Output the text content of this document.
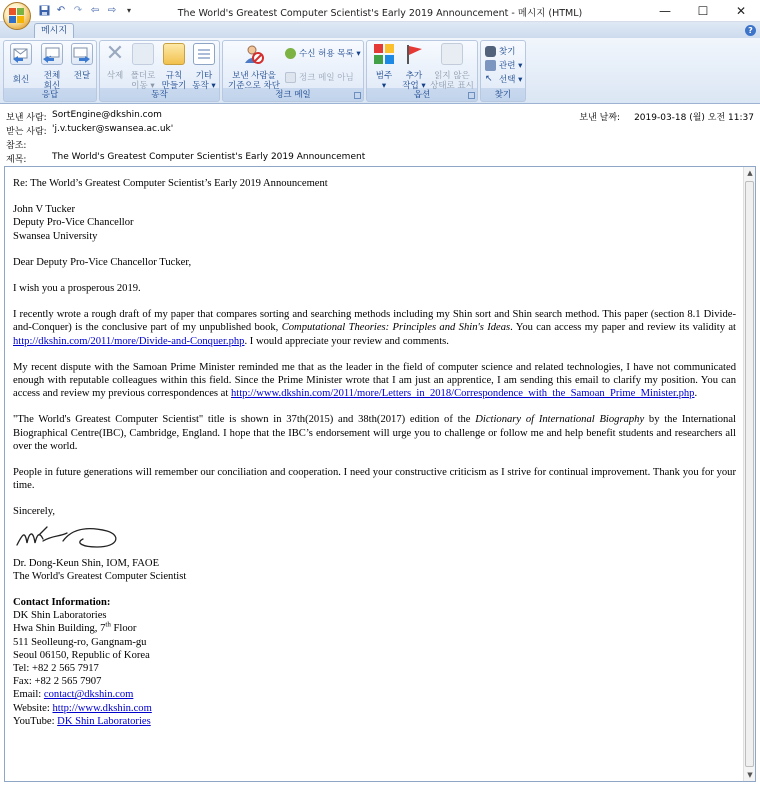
↶ ↷ ⇦ ⇨	▾	The World's Greatest Computer Scientist's Early 2019 Announcement - 메시지 (HTML)	—	☐	✕
메시지	?
회신	전체
회신
전달
응답
✕
삭제 폴더로
이동 ▾
규칙
만들기
기타
동작 ▾
동작
보낸 사람을
기준으로 차단
수신 허용 목록 ▾
정크 메일 아님
정크 메일
범주
▾
추가
작업 ▾
읽지 않은
상태로 표시
옵션
찾기
관련 ▾
↖ 선택 ▾
찾기
보낸 사람: SortEngine@dkshin.com
받는 사람: 'j.v.tucker@swansea.ac.uk'
참조:
제목:	The World's Greatest Computer Scientist's Early 2019 Announcement
보낸 날짜: 2019-03-18 (월) 오전 11:37

Re: The World’s Greatest Computer Scientist’s Early 2019 Announcement

John V Tucker
Deputy Pro-Vice Chancellor
Swansea University

Dear Deputy Pro-Vice Chancellor Tucker,

I wish you a prosperous 2019.

I recently wrote a rough draft of my paper that compares sorting and searching methods including my Shin sort and Shin search method. This paper (section 8.1 Divide-and-Conquer) is the conclusive part of my unpublished book, Computational Theories: Principles and Shin's Ideas. You can access my paper and review its validity at http://dkshin.com/2011/more/Divide-and-Conquer.php. I would appreciate your review and comments.

My recent dispute with the Samoan Prime Minister reminded me that as the leader in the field of computer science and related technologies, I have not communicated enough with reputable colleagues within this field. Since the Prime Minister wrote that I am just an apprentice, I am sending this email to clarify my position. You can access and review my previous correspondences at http://www.dkshin.com/2011/more/Letters_in_2018/Correspondence_with_the_Samoan_Prime_Minister.php.

"The World's Greatest Computer Scientist" title is shown in 37th(2015) and 38th(2017) edition of the Dictionary of International Biography by the International Biographical Centre(IBC), Cambridge, England. I hope that the IBC’s endorsement will urge you to challenge or follow me and help benefit students and researchers all over the world.

People in future generations will remember our conciliation and cooperation. I need your constructive criticism as I strive for continual improvement. Thank you for your time.

Sincerely,

Dr. Dong-Keun Shin, IOM, FAOE
The World's Greatest Computer Scientist

Contact Information:
DK Shin Laboratories
Hwa Shin Building, 7th Floor
511 Seolleung-ro, Gangnam-gu
Seoul 06150, Republic of Korea
Tel: +82 2 565 7917
Fax: +82 2 565 7907
Email: contact@dkshin.com
Website: http://www.dkshin.com
YouTube: DK Shin Laboratories
▲
▼
